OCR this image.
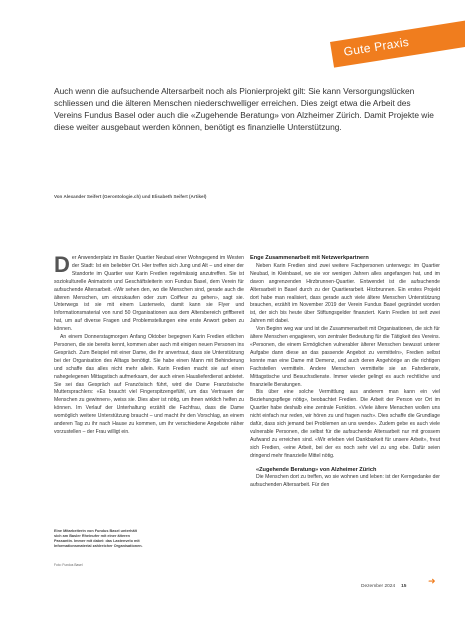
Gute Praxis

Auch wenn die aufsuchende Altersarbeit noch als Pionierprojekt gilt: Sie kann Versorgungslücken schliessen und die älteren Menschen niederschwelliger erreichen. Dies zeigt etwa die Arbeit des Vereins Fundus Basel oder auch die «Zugehende Beratung» von Alzheimer Zürich. Damit Projekte wie diese weiter ausgebaut werden können, benötigt es finanzielle Unterstützung.

Von Alexander Seifert (Gerontologie.ch) und Elisabeth Seifert (Artikel)

Der Anwenderplatz im Basler Quartier Neubad einer Wohngegend im Westen der Stadt: Ist ein beliebter Ort. Hier treffen sich Jung und Alt – und einer der Standorte im Quartier war Karin Fredien regelmässig anzutreffen. Sie ist soziokulturelle Animatorin und Geschäftsleiterin von Fundus Basel, dem Verein für aufsuchende Altersarbeit. «Wir sehen den, wo die Menschen sind, gerade auch die älteren Menschen, um einzukaufen oder zum Coiffeur zu gehen», sagt sie. Unterwegs ist sie mit einem Lastenvelo, damit kann sie Flyer und Informationsmaterial von rund 50 Organisationen aus dem Altersbereich griffbereit hat, um auf diverse Fragen und Problemstellungen eine erste Anwort geben zu können.

An einem Donnerstagmorgen Anfang Oktober begegnen Karin Fredien etlichen Personen, die sie bereits kennt, kommen aber auch mit einigen neuen Personen ins Gespräch. Zum Beispiel mit einer Dame, die ihr anvertraut, dass sie Unterstützung bei der Organisation des Alltags benötigt. Sie habe einen Mann mit Behinderung und schaffe das alles nicht mehr allein. Karin Fredien macht sie auf einen nahegelegenen Mittagstisch aufmerksam, der auch einen Hauslieferdienst anbietet. Sie sei das Gespräch auf Französisch führt, wird die Dame Französische Muttersprachlers: «Es braucht viel Fingerspitzengefühl, um das Vertrauen der Menschen zu gewinnen», weiss sie. Dies aber ist nötig, um ihnen wirklich helfen zu können. Im Verlauf der Unterhaltung erzählt die Fachfrau, dass die Dame womöglich weitere Unterstützung braucht – und macht ihr den Vorschlag, an einem anderen Tag zu ihr nach Hause zu kommen, um ihr verschiedene Angebote näher vorzustellen – der Frau willigt ein.

Enge Zusammenarbeit mit Netzwerkpartnern

Neben Karin Fredien sind zwei weitere Fachpersonen unterwegs: im Quartier Neubad, in Kleinbasel, wo sie vor wenigen Jahren alles angefangen hat, und im davon angrenzenden Hirzbrunnen-Quartier. Entwendet ist die aufsuchende Altersarbeit in Basel durch zu der Quartierarbeit. Hirzbrunnen. Ein erstes Projekt dort habe man realisiert, dass gerade auch viele ältere Menschen Unterstützung brauchen, erzählt im November 2019 der Verein Fundus Basel gegründet worden ist, der sich bis heute über Stiftungsgelder finanziert. Karin Fredien ist seit zwei Jahren mit dabei.

Von Beginn weg war und ist die Zusammenarbeit mit Organisationen, die sich für ältere Menschen engagieren, von zentraler Bedeutung für die Tätigkeit des Vereins. «Personen, die einem Ermöglichen vulnerabler älterer Menschen bewusst unterer Aufgabe dann diese an das passende Angebot zu vermitteln», Fredien selbst konnte man eine Dame mit Demenz, und auch deren Angehörige an die richtigen Fachstellen vermitteln. Andere Menschen vermittelte sie an Fahrdienste, Mittagstische und Besuchsdienste. Immer wieder gelingt es auch rechtliche und finanzielle Beratungen.

Bis über eine solche Vermittlung aus anderem man kann ein viel Beziehungspflege nötig», beobachtet Fredien. Die Arbeit der Person vor Ort im Quartier habe deshalb eine zentrale Funktion. «Viele ältere Menschen wollen uns nicht einfach nur reden, wir hören zu und fragen nach». Dies schaffe die Grundlage dafür, dass sich jemand bei Problemen an uns wende». Zudem gebe es auch viele vulnerable Personen, die selbst für die aufsuchende Altersarbeit nur mit grossem Aufwand zu erreichen sind. «Wir erleben viel Dankbarkeit für unsere Arbeit», freut sich Fredien, «eine Arbeit, bei der es noch sehr viel zu ung ebe. Dafür seien dringend mehr finanzielle Mittel nötig.

«Zugehende Beratung» von Alzheimer Zürich

Die Menschen dort zu treffen, wo sie wohnen und leben: ist der Kerngedanke der aufsuchenden Altersarbeit. Für den

Eine Mitarbeiterin von Fundus Basel unterhält sich am Basler Rheinufer mit einer älteren Passantin. Immer mit dabei: das Lastenvelo mit Informationsmaterial zahlreicher Organisationen.

Foto: Fundus Basel

Dezember 2024 15
➜
